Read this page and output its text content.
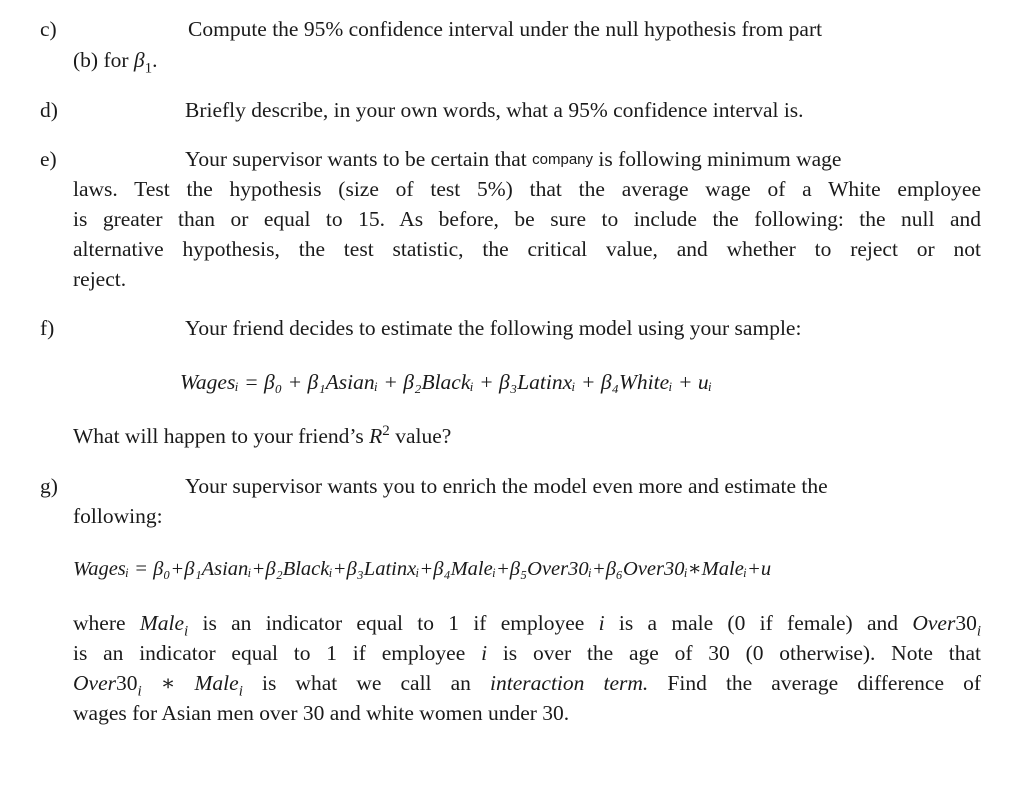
c)	Compute the 95% confidence interval under the null hypothesis from part
(b) for $\beta_1$.
d)	Briefly describe, in your own words, what a 95% confidence interval is.
e)	Your supervisor wants to be certain that company is following minimum wage
laws. Test the hypothesis (size of test 5%) that the average wage of a White employee
is greater than or equal to 15. As before, be sure to include the following: the null and
alternative hypothesis, the test statistic, the critical value, and whether to reject or not
reject.
f)	Your friend decides to estimate the following model using your sample:
Wagesᵢ = β₀ + β₁Asianᵢ + β₂Blackᵢ + β₃Latinxᵢ + β₄Whiteᵢ + uᵢ
What will happen to your friend’s $R^2$ value?
g)	Your supervisor wants you to enrich the model even more and estimate the
following:
Wagesᵢ = β₀+β₁Asianᵢ+β₂Blackᵢ+β₃Latinxᵢ+β₄Maleᵢ+β₅Over30ᵢ+β₆Over30ᵢ∗Maleᵢ+u
where Male$_i$ is an indicator equal to 1 if employee i is a male (0 if female) and $Over30_i$
is an indicator equal to 1 if employee i is over the age of 30 (0 otherwise). Note that
$Over30_i$ ∗ Male$_i$ is what we call an interaction term. Find the average difference of
wages for Asian men over 30 and white women under 30.
